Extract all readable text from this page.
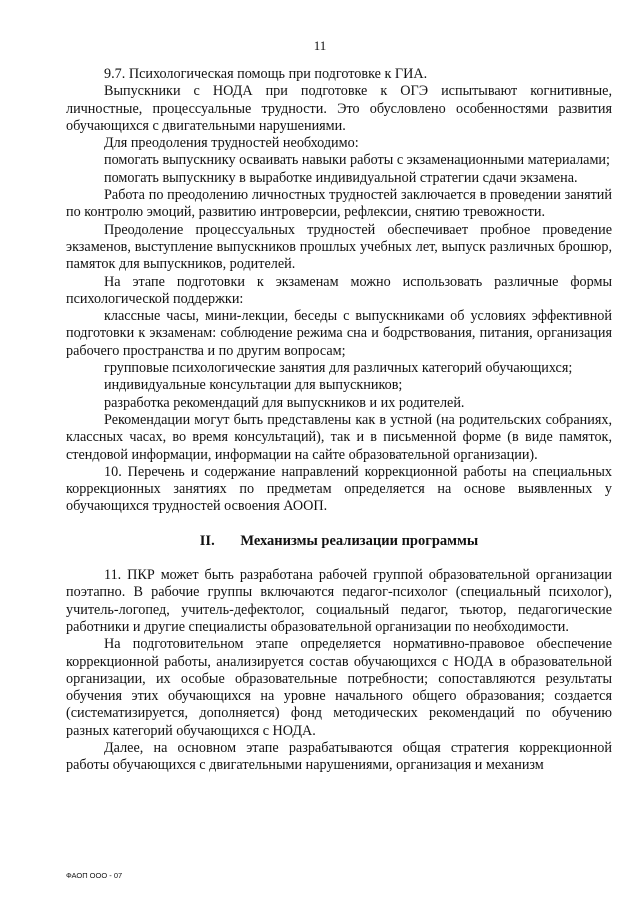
11

9.7. Психологическая помощь при подготовке к ГИА.

Выпускники с НОДА при подготовке к ОГЭ испытывают когнитивные, личностные, процессуальные трудности. Это обусловлено особенностями развития обучающихся с двигательными нарушениями.

Для преодоления трудностей необходимо:

помогать выпускнику осваивать навыки работы с экзаменационными материалами;

помогать выпускнику в выработке индивидуальной стратегии сдачи экзамена.

Работа по преодолению личностных трудностей заключается в проведении занятий по контролю эмоций, развитию интроверсии, рефлексии, снятию тревожности.

Преодоление процессуальных трудностей обеспечивает пробное проведение экзаменов, выступление выпускников прошлых учебных лет, выпуск различных брошюр, памяток для выпускников, родителей.

На этапе подготовки к экзаменам можно использовать различные формы психологической поддержки:

классные часы, мини-лекции, беседы с выпускниками об условиях эффективной подготовки к экзаменам: соблюдение режима сна и бодрствования, питания, организация рабочего пространства и по другим вопросам;

групповые психологические занятия для различных категорий обучающихся;

индивидуальные консультации для выпускников;

разработка рекомендаций для выпускников и их родителей.

Рекомендации могут быть представлены как в устной (на родительских собраниях, классных часах, во время консультаций), так и в письменной форме (в виде памяток, стендовой информации, информации на сайте образовательной организации).

10. Перечень и содержание направлений коррекционной работы на специальных коррекционных занятиях по предметам определяется на основе выявленных у обучающихся трудностей освоения АООП.

II. Механизмы реализации программы

11. ПКР может быть разработана рабочей группой образовательной организации поэтапно. В рабочие группы включаются педагог-психолог (специальный психолог), учитель-логопед, учитель-дефектолог, социальный педагог, тьютор, педагогические работники и другие специалисты образовательной организации по необходимости.

На подготовительном этапе определяется нормативно-правовое обеспечение коррекционной работы, анализируется состав обучающихся с НОДА в образовательной организации, их особые образовательные потребности; сопоставляются результаты обучения этих обучающихся на уровне начального общего образования; создается (систематизируется, дополняется) фонд методических рекомендаций по обучению разных категорий обучающихся с НОДА.

Далее, на основном этапе разрабатываются общая стратегия коррекционной работы обучающихся с двигательными нарушениями, организация и механизм

ФАОП ООО - 07
